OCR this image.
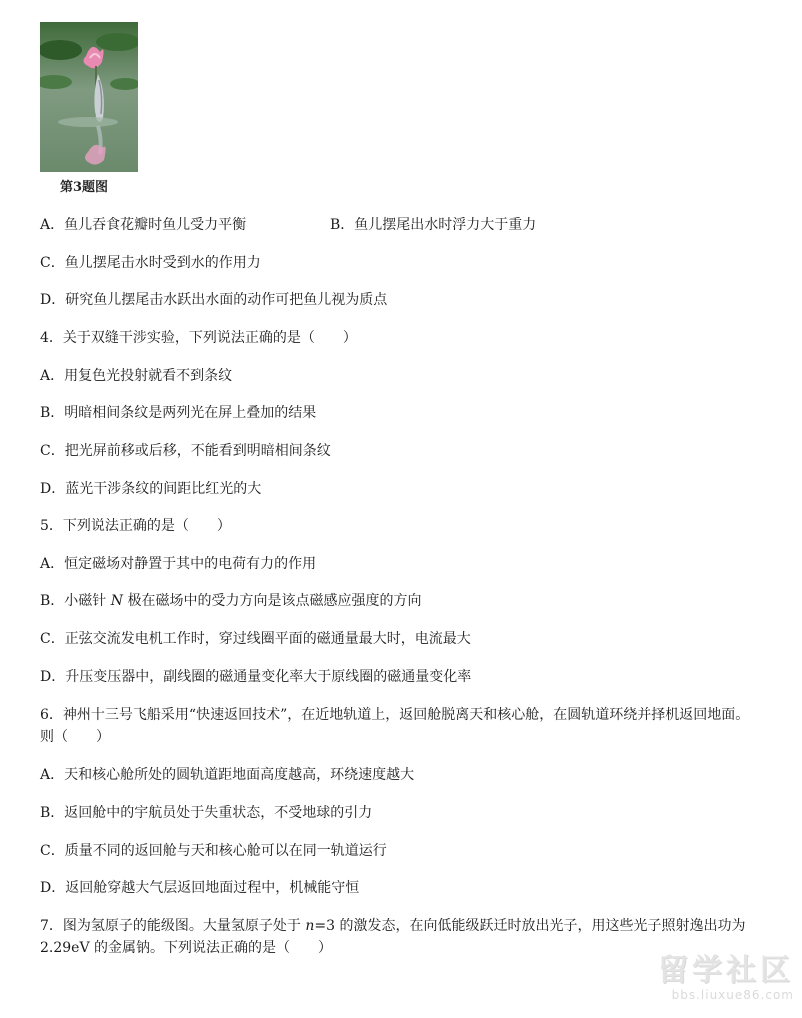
第3题图
A．鱼儿吞食花瓣时鱼儿受力平衡	B．鱼儿摆尾出水时浮力大于重力
C．鱼儿摆尾击水时受到水的作用力
D．研究鱼儿摆尾击水跃出水面的动作可把鱼儿视为质点
4．关于双缝干涉实验，下列说法正确的是（　　）
A．用复色光投射就看不到条纹
B．明暗相间条纹是两列光在屏上叠加的结果
C．把光屏前移或后移，不能看到明暗相间条纹
D．蓝光干涉条纹的间距比红光的大
5．下列说法正确的是（　　）
A．恒定磁场对静置于其中的电荷有力的作用
B．小磁针 N 极在磁场中的受力方向是该点磁感应强度的方向
C．正弦交流发电机工作时，穿过线圈平面的磁通量最大时，电流最大
D．升压变压器中，副线圈的磁通量变化率大于原线圈的磁通量变化率
6．神州十三号飞船采用“快速返回技术”，在近地轨道上，返回舱脱离天和核心舱，在圆轨道环绕并择机返回地面。则（　　）
A．天和核心舱所处的圆轨道距地面高度越高，环绕速度越大
B．返回舱中的宇航员处于失重状态，不受地球的引力
C．质量不同的返回舱与天和核心舱可以在同一轨道运行
D．返回舱穿越大气层返回地面过程中，机械能守恒
7．图为氢原子的能级图。大量氢原子处于 n=3 的激发态，在向低能级跃迁时放出光子，用这些光子照射逸出功为 2.29eV 的金属钠。下列说法正确的是（　　）
留学社区
bbs.liuxue86.com
